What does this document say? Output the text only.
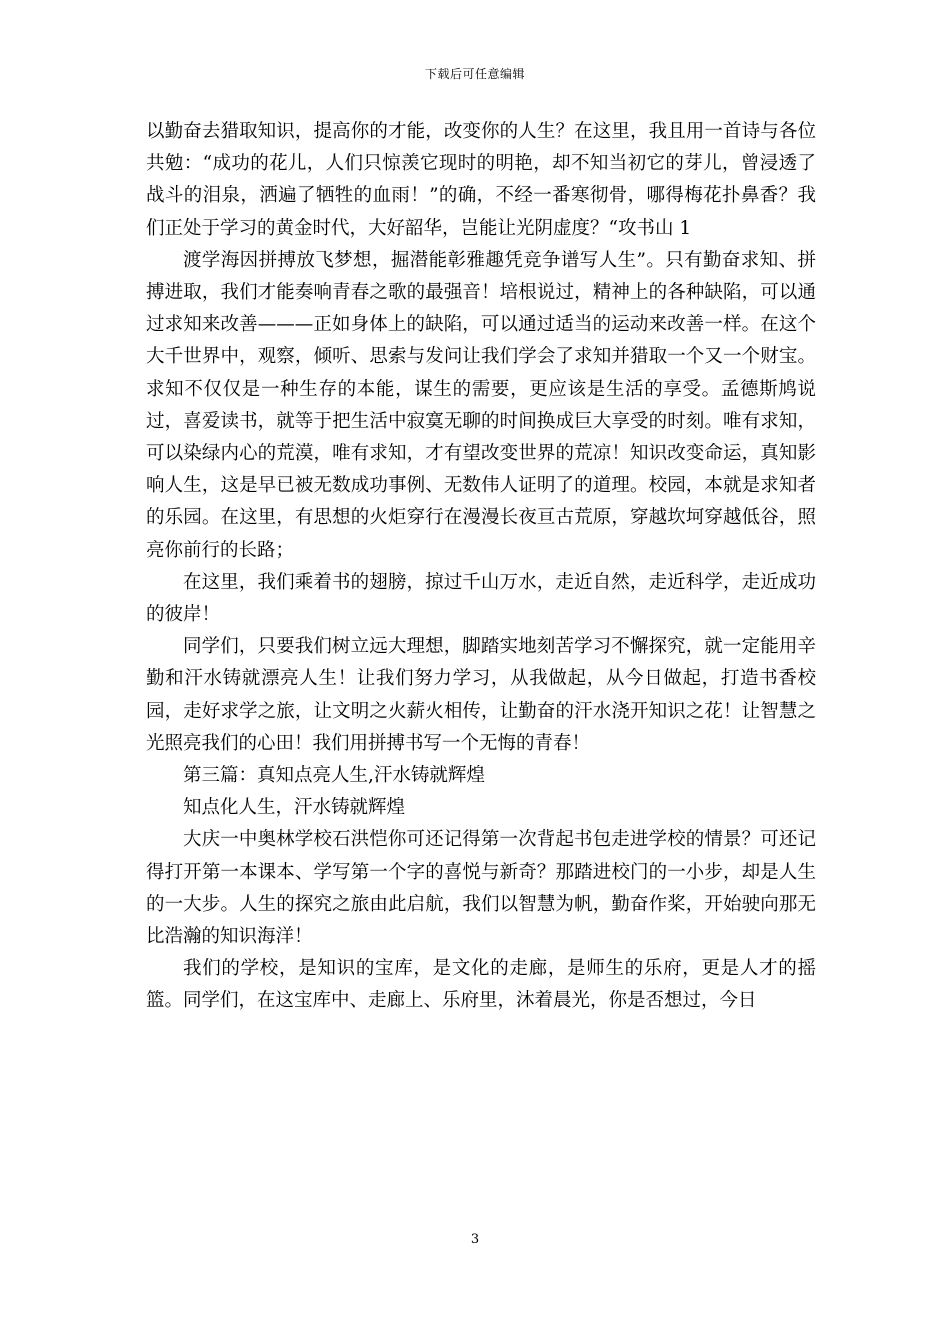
下载后可任意编辑

以勤奋去猎取知识，提高你的才能，改变你的人生？在这里，我且用一首诗与各位共勉：“成功的花儿，人们只惊羡它现时的明艳，却不知当初它的芽儿，曾浸透了战斗的泪泉，洒遍了牺牲的血雨！”的确，不经一番寒彻骨，哪得梅花扑鼻香？我们正处于学习的黄金时代，大好韶华，岂能让光阴虚度？“攻书山 1

渡学海因拼搏放飞梦想，掘潜能彰雅趣凭竞争谱写人生”。只有勤奋求知、拼搏进取，我们才能奏响青春之歌的最强音！培根说过，精神上的各种缺陷，可以通过求知来改善———正如身体上的缺陷，可以通过适当的运动来改善一样。在这个大千世界中，观察，倾听、思索与发问让我们学会了求知并猎取一个又一个财宝。求知不仅仅是一种生存的本能，谋生的需要，更应该是生活的享受。孟德斯鸠说过，喜爱读书，就等于把生活中寂寞无聊的时间换成巨大享受的时刻。唯有求知，可以染绿内心的荒漠，唯有求知，才有望改变世界的荒凉！知识改变命运，真知影响人生，这是早已被无数成功事例、无数伟人证明了的道理。校园，本就是求知者的乐园。在这里，有思想的火炬穿行在漫漫长夜亘古荒原，穿越坎坷穿越低谷，照亮你前行的长路；

在这里，我们乘着书的翅膀，掠过千山万水，走近自然，走近科学，走近成功的彼岸！

同学们，只要我们树立远大理想，脚踏实地刻苦学习不懈探究，就一定能用辛勤和汗水铸就漂亮人生！让我们努力学习，从我做起，从今日做起，打造书香校园，走好求学之旅，让文明之火薪火相传，让勤奋的汗水浇开知识之花！让智慧之光照亮我们的心田！我们用拼搏书写一个无悔的青春！

第三篇：真知点亮人生,汗水铸就辉煌

知点化人生，汗水铸就辉煌

大庆一中奥林学校石洪恺你可还记得第一次背起书包走进学校的情景？可还记得打开第一本课本、学写第一个字的喜悦与新奇？那踏进校门的一小步，却是人生的一大步。人生的探究之旅由此启航，我们以智慧为帆，勤奋作桨，开始驶向那无比浩瀚的知识海洋！

我们的学校，是知识的宝库，是文化的走廊，是师生的乐府，更是人才的摇篮。同学们，在这宝库中、走廊上、乐府里，沐着晨光，你是否想过，今日

3
